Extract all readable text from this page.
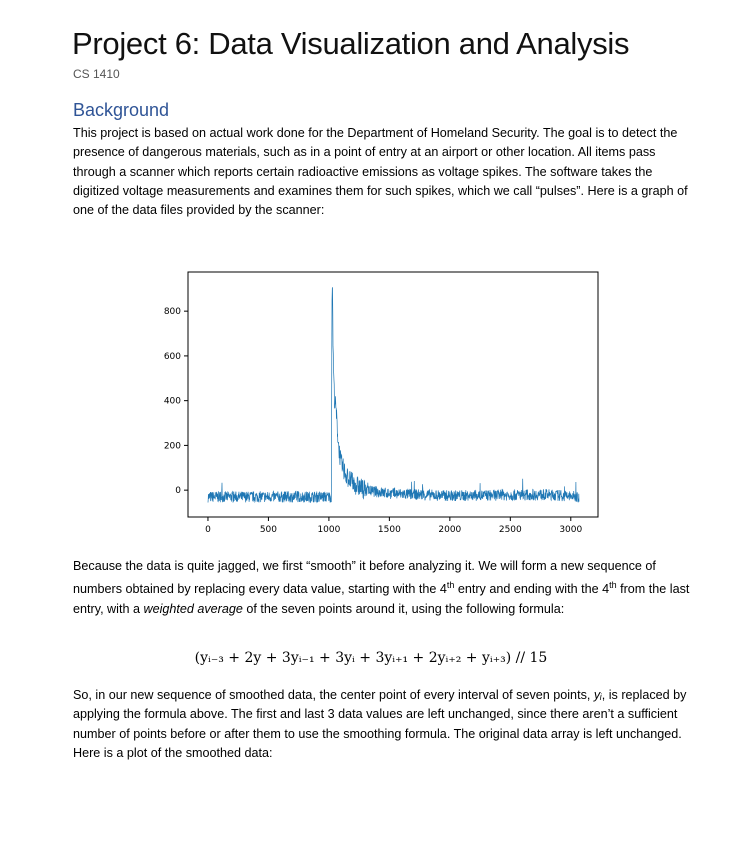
Project 6: Data Visualization and Analysis
CS 1410
Background
This project is based on actual work done for the Department of Homeland Security. The goal is to detect the presence of dangerous materials, such as in a point of entry at an airport or other location. All items pass through a scanner which reports certain radioactive emissions as voltage spikes. The software takes the digitized voltage measurements and examines them for such spikes, which we call “pulses”. Here is a graph of one of the data files provided by the scanner:
0	500	1000	1500	2000	2500	3000
0
200
400
600
800
Because the data is quite jagged, we first “smooth” it before analyzing it. We will form a new sequence of numbers obtained by replacing every data value, starting with the 4th entry and ending with the 4th from the last entry, with a weighted average of the seven points around it, using the following formula:
(yᵢ₋₃ + 2y + 3yᵢ₋₁ + 3yᵢ + 3yᵢ₊₁ + 2yᵢ₊₂ + yᵢ₊₃) // 15
So, in our new sequence of smoothed data, the center point of every interval of seven points, yᵢ, is replaced by applying the formula above. The first and last 3 data values are left unchanged, since there aren’t a sufficient number of points before or after them to use the smoothing formula. The original data array is left unchanged. Here is a plot of the smoothed data:
